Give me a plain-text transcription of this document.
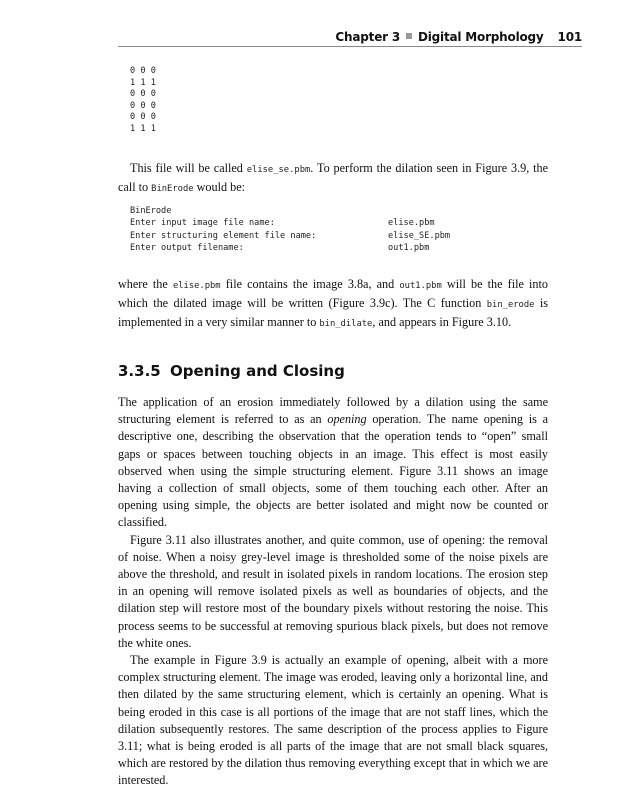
Chapter 3 Digital Morphology 101
0 0 0
1 1 1
0 0 0
0 0 0
0 0 0
1 1 1

This file will be called elise_se.pbm. To perform the dilation seen in Figure 3.9, the call to BinErode would be:

BinErode
Enter input image file name:	elise.pbm
Enter structuring element file name:	elise_SE.pbm
Enter output filename:	out1.pbm

where the elise.pbm file contains the image 3.8a, and out1.pbm will be the file into which the dilated image will be written (Figure 3.9c). The C function bin_erode is implemented in a very similar manner to bin_dilate, and appears in Figure 3.10.

3.3.5 Opening and Closing

The application of an erosion immediately followed by a dilation using the same structuring element is referred to as an opening operation. The name opening is a descriptive one, describing the observation that the operation tends to “open” small gaps or spaces between touching objects in an image. This effect is most easily observed when using the simple structuring element. Figure 3.11 shows an image having a collection of small objects, some of them touching each other. After an opening using simple, the objects are better isolated and might now be counted or classified.

Figure 3.11 also illustrates another, and quite common, use of opening: the removal of noise. When a noisy grey-level image is thresholded some of the noise pixels are above the threshold, and result in isolated pixels in random locations. The erosion step in an opening will remove isolated pixels as well as boundaries of objects, and the dilation step will restore most of the boundary pixels without restoring the noise. This process seems to be successful at removing spurious black pixels, but does not remove the white ones.

The example in Figure 3.9 is actually an example of opening, albeit with a more complex structuring element. The image was eroded, leaving only a horizontal line, and then dilated by the same structuring element, which is certainly an opening. What is being eroded in this case is all portions of the image that are not staff lines, which the dilation subsequently restores. The same description of the process applies to Figure 3.11; what is being eroded is all parts of the image that are not small black squares, which are restored by the dilation thus removing everything except that in which we are interested.
